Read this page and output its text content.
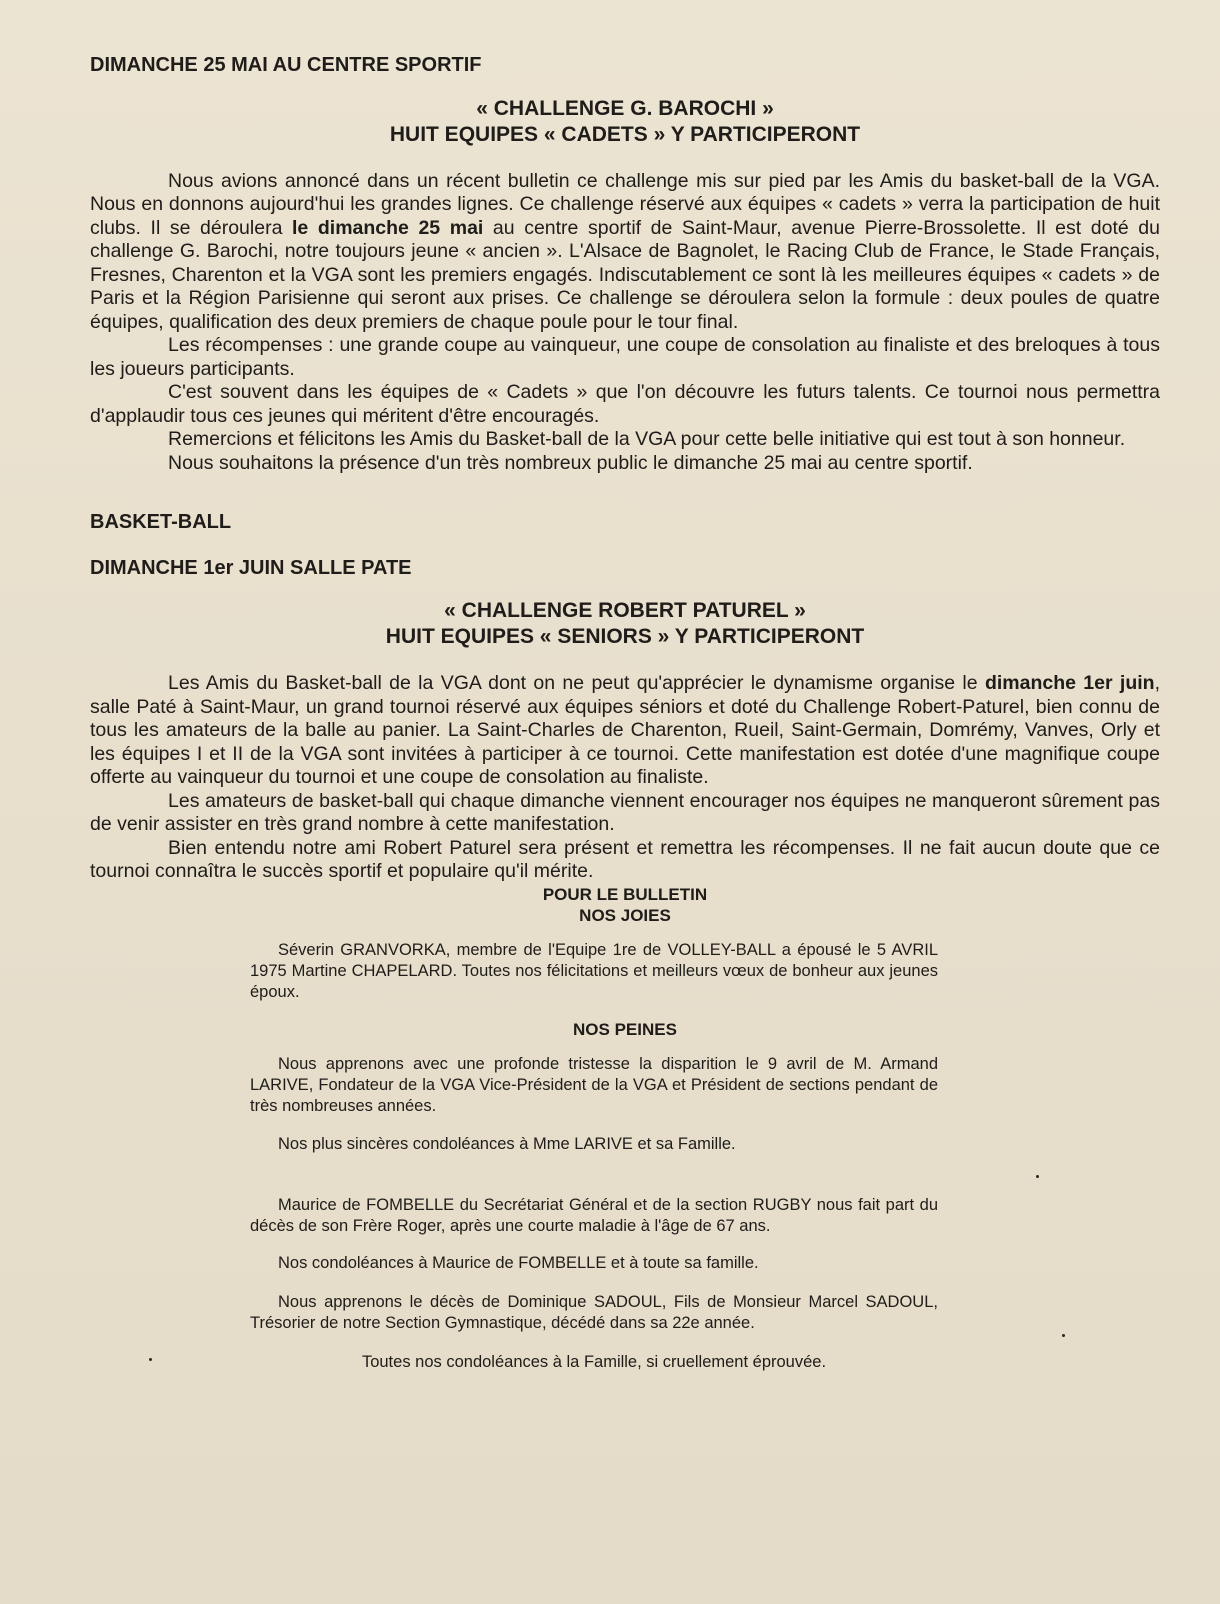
DIMANCHE 25 MAI AU CENTRE SPORTIF

« CHALLENGE G. BAROCHI »

HUIT EQUIPES « CADETS » Y PARTICIPERONT

Nous avions annoncé dans un récent bulletin ce challenge mis sur pied par les Amis du basket-ball de la VGA. Nous en donnons aujourd'hui les grandes lignes. Ce challenge réservé aux équipes « cadets » verra la participation de huit clubs. Il se déroulera le dimanche 25 mai au centre sportif de Saint-Maur, avenue Pierre-Brossolette. Il est doté du challenge G. Barochi, notre toujours jeune « ancien ». L'Alsace de Bagnolet, le Racing Club de France, le Stade Français, Fresnes, Charenton et la VGA sont les premiers engagés. Indiscutablement ce sont là les meilleures équipes « cadets » de Paris et la Région Parisienne qui seront aux prises. Ce challenge se déroulera selon la formule : deux poules de quatre équipes, qualification des deux premiers de chaque poule pour le tour final.

Les récompenses : une grande coupe au vainqueur, une coupe de consolation au finaliste et des breloques à tous les joueurs participants.

C'est souvent dans les équipes de « Cadets » que l'on découvre les futurs talents. Ce tournoi nous permettra d'applaudir tous ces jeunes qui méritent d'être encouragés.

Remercions et félicitons les Amis du Basket-ball de la VGA pour cette belle initiative qui est tout à son honneur.

Nous souhaitons la présence d'un très nombreux public le dimanche 25 mai au centre sportif.

BASKET-BALL

DIMANCHE 1er JUIN SALLE PATE

« CHALLENGE ROBERT PATUREL »

HUIT EQUIPES « SENIORS » Y PARTICIPERONT

Les Amis du Basket-ball de la VGA dont on ne peut qu'apprécier le dynamisme organise le dimanche 1er juin, salle Paté à Saint-Maur, un grand tournoi réservé aux équipes séniors et doté du Challenge Robert-Paturel, bien connu de tous les amateurs de la balle au panier. La Saint-Charles de Charenton, Rueil, Saint-Germain, Domrémy, Vanves, Orly et les équipes I et II de la VGA sont invitées à participer à ce tournoi. Cette manifestation est dotée d'une magnifique coupe offerte au vainqueur du tournoi et une coupe de consolation au finaliste.

Les amateurs de basket-ball qui chaque dimanche viennent encourager nos équipes ne manqueront sûrement pas de venir assister en très grand nombre à cette manifestation.

Bien entendu notre ami Robert Paturel sera présent et remettra les récompenses. Il ne fait aucun doute que ce tournoi connaîtra le succès sportif et populaire qu'il mérite.

POUR LE BULLETIN

NOS JOIES

Séverin GRANVORKA, membre de l'Equipe 1re de VOLLEY-BALL a épousé le 5 AVRIL 1975 Martine CHAPELARD. Toutes nos félicitations et meilleurs vœux de bonheur aux jeunes époux.

NOS PEINES

Nous apprenons avec une profonde tristesse la disparition le 9 avril de M. Armand LARIVE, Fondateur de la VGA Vice-Président de la VGA et Président de sections pendant de très nombreuses années.

Nos plus sincères condoléances à Mme LARIVE et sa Famille.

Maurice de FOMBELLE du Secrétariat Général et de la section RUGBY nous fait part du décès de son Frère Roger, après une courte maladie à l'âge de 67 ans.

Nos condoléances à Maurice de FOMBELLE et à toute sa famille.

Nous apprenons le décès de Dominique SADOUL, Fils de Monsieur Marcel SADOUL, Trésorier de notre Section Gymnastique, décédé dans sa 22e année.

Toutes nos condoléances à la Famille, si cruellement éprouvée.
